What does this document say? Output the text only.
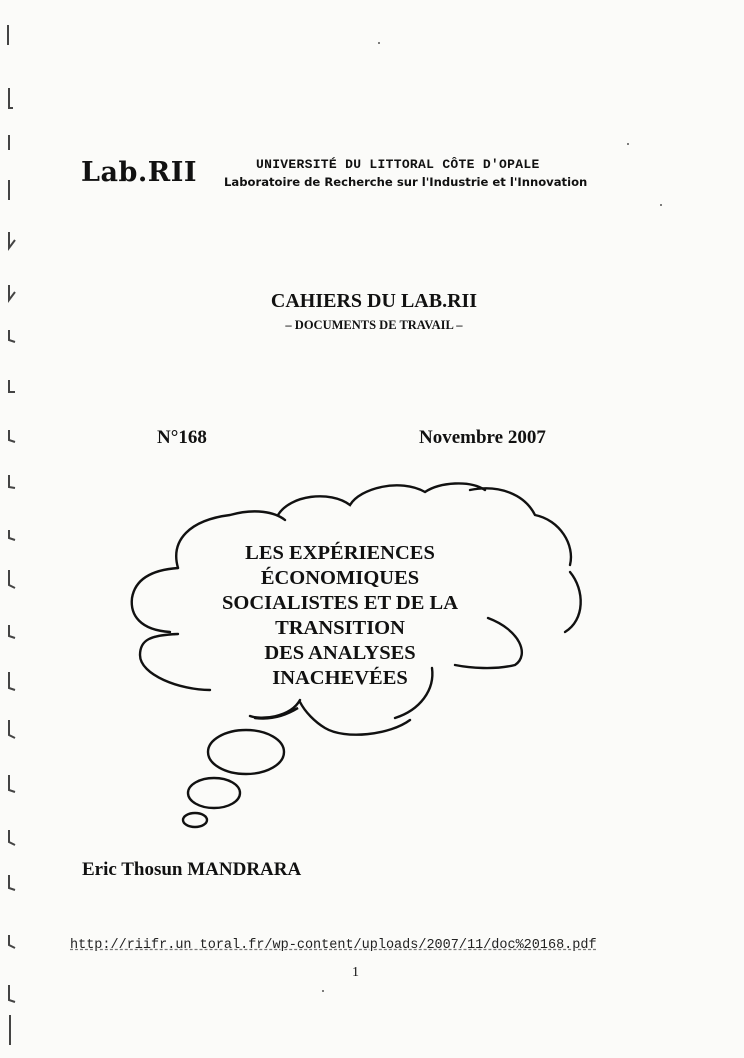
Lab.RII	UNIVERSITÉ DU LITTORAL CÔTE D'OPALE
Laboratoire de Recherche sur l'Industrie et l'Innovation
CAHIERS DU LAB.RII
– DOCUMENTS DE TRAVAIL –
N°168	Novembre 2007
LES EXPÉRIENCES
ÉCONOMIQUES
SOCIALISTES ET DE LA
TRANSITION
DES ANALYSES
INACHEVÉES
Eric Thosun MANDRARA
http://riifr.un toral.fr/wp-content/uploads/2007/11/doc%20168.pdf
1
